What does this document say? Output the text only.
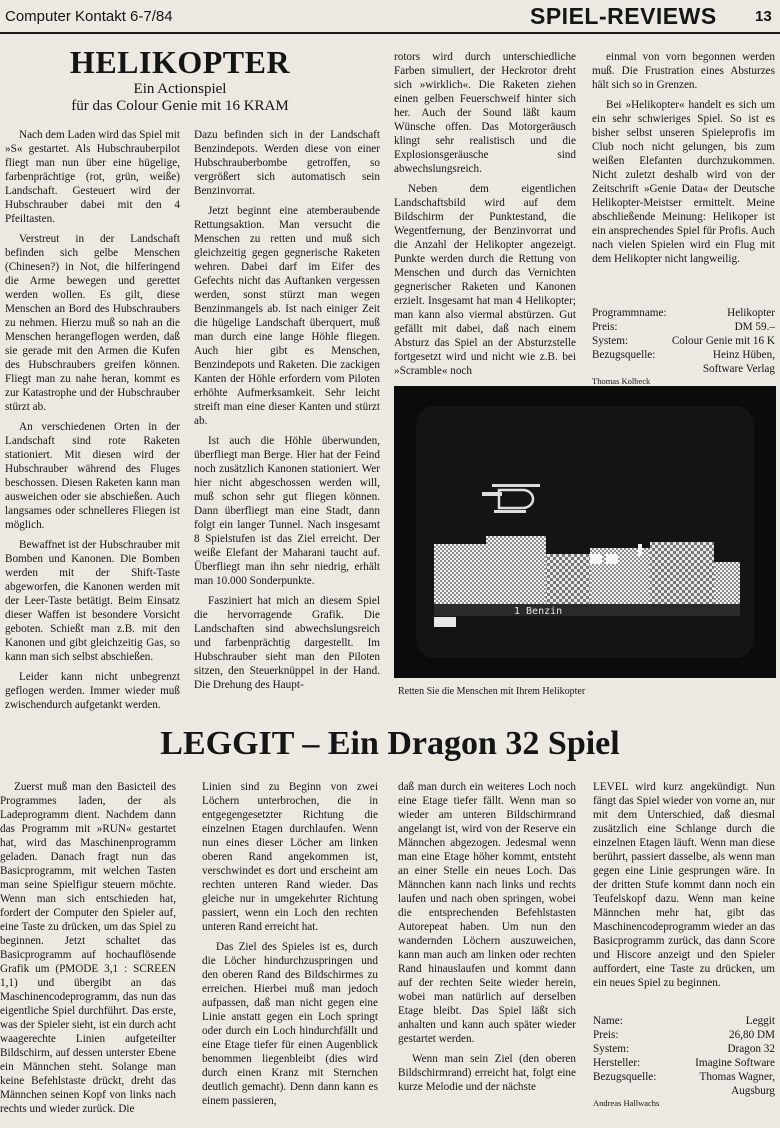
Computer Kontakt 6-7/84	SPIEL-REVIEWS	13
HELIKOPTER
Ein Actionspiel
für das Colour Genie mit 16 KRAM

Nach dem Laden wird das Spiel mit »S« gestartet. Als Hubschrauberpilot fliegt man nun über eine hügelige, farbenprächtige (rot, grün, weiße) Landschaft. Gesteuert wird der Hubschrauber dabei mit den 4 Pfeiltasten.

Verstreut in der Landschaft befinden sich gelbe Menschen (Chinesen?) in Not, die hilferingend die Arme bewegen und gerettet werden wollen. Es gilt, diese Menschen an Bord des Hubschraubers zu nehmen. Hierzu muß so nah an die Menschen herangeflogen werden, daß sie gerade mit den Armen die Kufen des Hubschraubers greifen können. Fliegt man zu nahe heran, kommt es zur Katastrophe und der Hubschrauber stürzt ab.

An verschiedenen Orten in der Landschaft sind rote Raketen stationiert. Mit diesen wird der Hubschrauber während des Fluges beschossen. Diesen Raketen kann man ausweichen oder sie abschießen. Auch langsames oder schnelleres Fliegen ist möglich.

Bewaffnet ist der Hubschrauber mit Bomben und Kanonen. Die Bomben werden mit der Shift-Taste abgeworfen, die Kanonen werden mit der Leer-Taste betätigt. Beim Einsatz dieser Waffen ist besondere Vorsicht geboten. Schießt man z.B. mit den Kanonen und gibt gleichzeitig Gas, so kann man sich selbst abschießen.

Leider kann nicht unbegrenzt geflogen werden. Immer wieder muß zwischendurch aufgetankt werden.

Dazu befinden sich in der Landschaft Benzindepots. Werden diese von einer Hubschrauberbombe getroffen, so vergrößert sich automatisch sein Benzinvorrat.

Jetzt beginnt eine atemberaubende Rettungsaktion. Man versucht die Menschen zu retten und muß sich gleichzeitig gegen gegnerische Raketen wehren. Dabei darf im Eifer des Gefechts nicht das Auftanken vergessen werden, sonst stürzt man wegen Benzinmangels ab. Ist nach einiger Zeit die hügelige Landschaft überquert, muß man durch eine lange Höhle fliegen. Auch hier gibt es Menschen, Benzindepots und Raketen. Die zackigen Kanten der Höhle erfordern vom Piloten erhöhte Aufmerksamkeit. Sehr leicht streift man eine dieser Kanten und stürzt ab.

Ist auch die Höhle überwunden, überfliegt man Berge. Hier hat der Feind noch zusätzlich Kanonen stationiert. Wer hier nicht abgeschossen werden will, muß schon sehr gut fliegen können. Dann überfliegt man eine Stadt, dann folgt ein langer Tunnel. Nach insgesamt 8 Spielstufen ist das Ziel erreicht. Der weiße Elefant der Maharani taucht auf. Überfliegt man ihn sehr niedrig, erhält man 10.000 Sonderpunkte.

Fasziniert hat mich an diesem Spiel die hervorragende Grafik. Die Landschaften sind abwechslungsreich und farbenprächtig dargestellt. Im Hubschrauber sieht man den Piloten sitzen, den Steuerknüppel in der Hand. Die Drehung des Haupt-

rotors wird durch unterschiedliche Farben simuliert, der Heckrotor dreht sich »wirklich«. Die Raketen ziehen einen gelben Feuerschweif hinter sich her. Auch der Sound läßt kaum Wünsche offen. Das Motorgeräusch klingt sehr realistisch und die Explosionsgeräusche sind abwechslungsreich.

Neben dem eigentlichen Landschaftsbild wird auf dem Bildschirm der Punktestand, die Wegentfernung, der Benzinvorrat und die Anzahl der Helikopter angezeigt. Punkte werden durch die Rettung von Menschen und durch das Vernichten gegnerischer Raketen und Kanonen erzielt. Insgesamt hat man 4 Helikopter; man kann also viermal abstürzen. Gut gefällt mit dabei, daß nach einem Absturz das Spiel an der Absturzstelle fortgesetzt wird und nicht wie z.B. bei »Scramble« noch

einmal von vorn begonnen werden muß. Die Frustration eines Absturzes hält sich so in Grenzen.

Bei »Helikopter« handelt es sich um ein sehr schwieriges Spiel. So ist es bisher selbst unseren Spieleprofis im Club noch nicht gelungen, bis zum weißen Elefanten durchzukommen. Nicht zuletzt deshalb wird von der Zeitschrift »Genie Data« der Deutsche Helikopter-Meistser ermittelt. Meine abschließende Meinung: Helikoper ist ein ansprechendes Spiel für Profis. Auch nach vielen Spielen wird ein Flug mit dem Helikopter nicht langweilig.

Programmname:	Helikopter
Preis:	DM 59.–
System:	Colour Genie mit 16 K
Bezugsquelle:	Heinz Hüben,
Software Verlag
Thomas Kolbeck
1 Benzin
Retten Sie die Menschen mit Ihrem Helikopter
LEGGIT – Ein Dragon 32 Spiel

Zuerst muß man den Basicteil des Programmes laden, der als Ladeprogramm dient. Nachdem dann das Programm mit »RUN« gestartet hat, wird das Maschinenprogramm geladen. Danach fragt nun das Basicprogramm, mit welchen Tasten man seine Spielfigur steuern möchte. Wenn man sich entschieden hat, fordert der Computer den Spieler auf, eine Taste zu drücken, um das Spiel zu beginnen. Jetzt schaltet das Basicprogramm auf hochauflösende Grafik um (PMODE 3,1 : SCREEN 1,1) und übergibt an das Maschinencodeprogramm, das nun das eigentliche Spiel durchführt. Das erste, was der Spieler sieht, ist ein durch acht waagerechte Linien aufgeteilter Bildschirm, auf dessen unterster Ebene ein Männchen steht. Solange man keine Befehlstaste drückt, dreht das Männchen seinen Kopf von links nach rechts und wieder zurück. Die

Linien sind zu Beginn von zwei Löchern unterbrochen, die in entgegengesetzter Richtung die einzelnen Etagen durchlaufen. Wenn nun eines dieser Löcher am linken oberen Rand angekommen ist, verschwindet es dort und erscheint am rechten unteren Rand wieder. Das gleiche nur in umgekehrter Richtung passiert, wenn ein Loch den rechten unteren Rand erreicht hat.

Das Ziel des Spieles ist es, durch die Löcher hindurchzuspringen und den oberen Rand des Bildschirmes zu erreichen. Hierbei muß man jedoch aufpassen, daß man nicht gegen eine Linie anstatt gegen ein Loch springt oder durch ein Loch hindurchfällt und eine Etage tiefer für einen Augenblick benommen liegenbleibt (dies wird durch einen Kranz mit Sternchen deutlich gemacht). Denn dann kann es einem passieren,

daß man durch ein weiteres Loch noch eine Etage tiefer fällt. Wenn man so wieder am unteren Bildschirmrand angelangt ist, wird von der Reserve ein Männchen abgezogen. Jedesmal wenn man eine Etage höher kommt, entsteht an einer Stelle ein neues Loch. Das Männchen kann nach links und rechts laufen und nach oben springen, wobei die entsprechenden Befehlstasten Autorepeat haben. Um nun den wandernden Löchern auszuweichen, kann man auch am linken oder rechten Rand hinauslaufen und kommt dann auf der rechten Seite wieder herein, wobei man natürlich auf derselben Etage bleibt. Das Spiel läßt sich anhalten und kann auch später wieder gestartet werden.

Wenn man sein Ziel (den oberen Bildschirmrand) erreicht hat, folgt eine kurze Melodie und der nächste

LEVEL wird kurz angekündigt. Nun fängt das Spiel wieder von vorne an, nur mit dem Unterschied, daß diesmal zusätzlich eine Schlange durch die einzelnen Etagen läuft. Wenn man diese berührt, passiert dasselbe, als wenn man gegen eine Linie gesprungen wäre. In der dritten Stufe kommt dann noch ein Teufelskopf dazu. Wenn man keine Männchen mehr hat, gibt das Maschinencodeprogramm wieder an das Basicprogramm zurück, das dann Score und Hiscore anzeigt und den Spieler auffordert, eine Taste zu drücken, um ein neues Spiel zu beginnen.

Name:	Leggit
Preis:	26,80 DM
System:	Dragon 32
Hersteller:	Imagine Software
Bezugsquelle:	Thomas Wagner,
Augsburg
Andreas Hallwachs
